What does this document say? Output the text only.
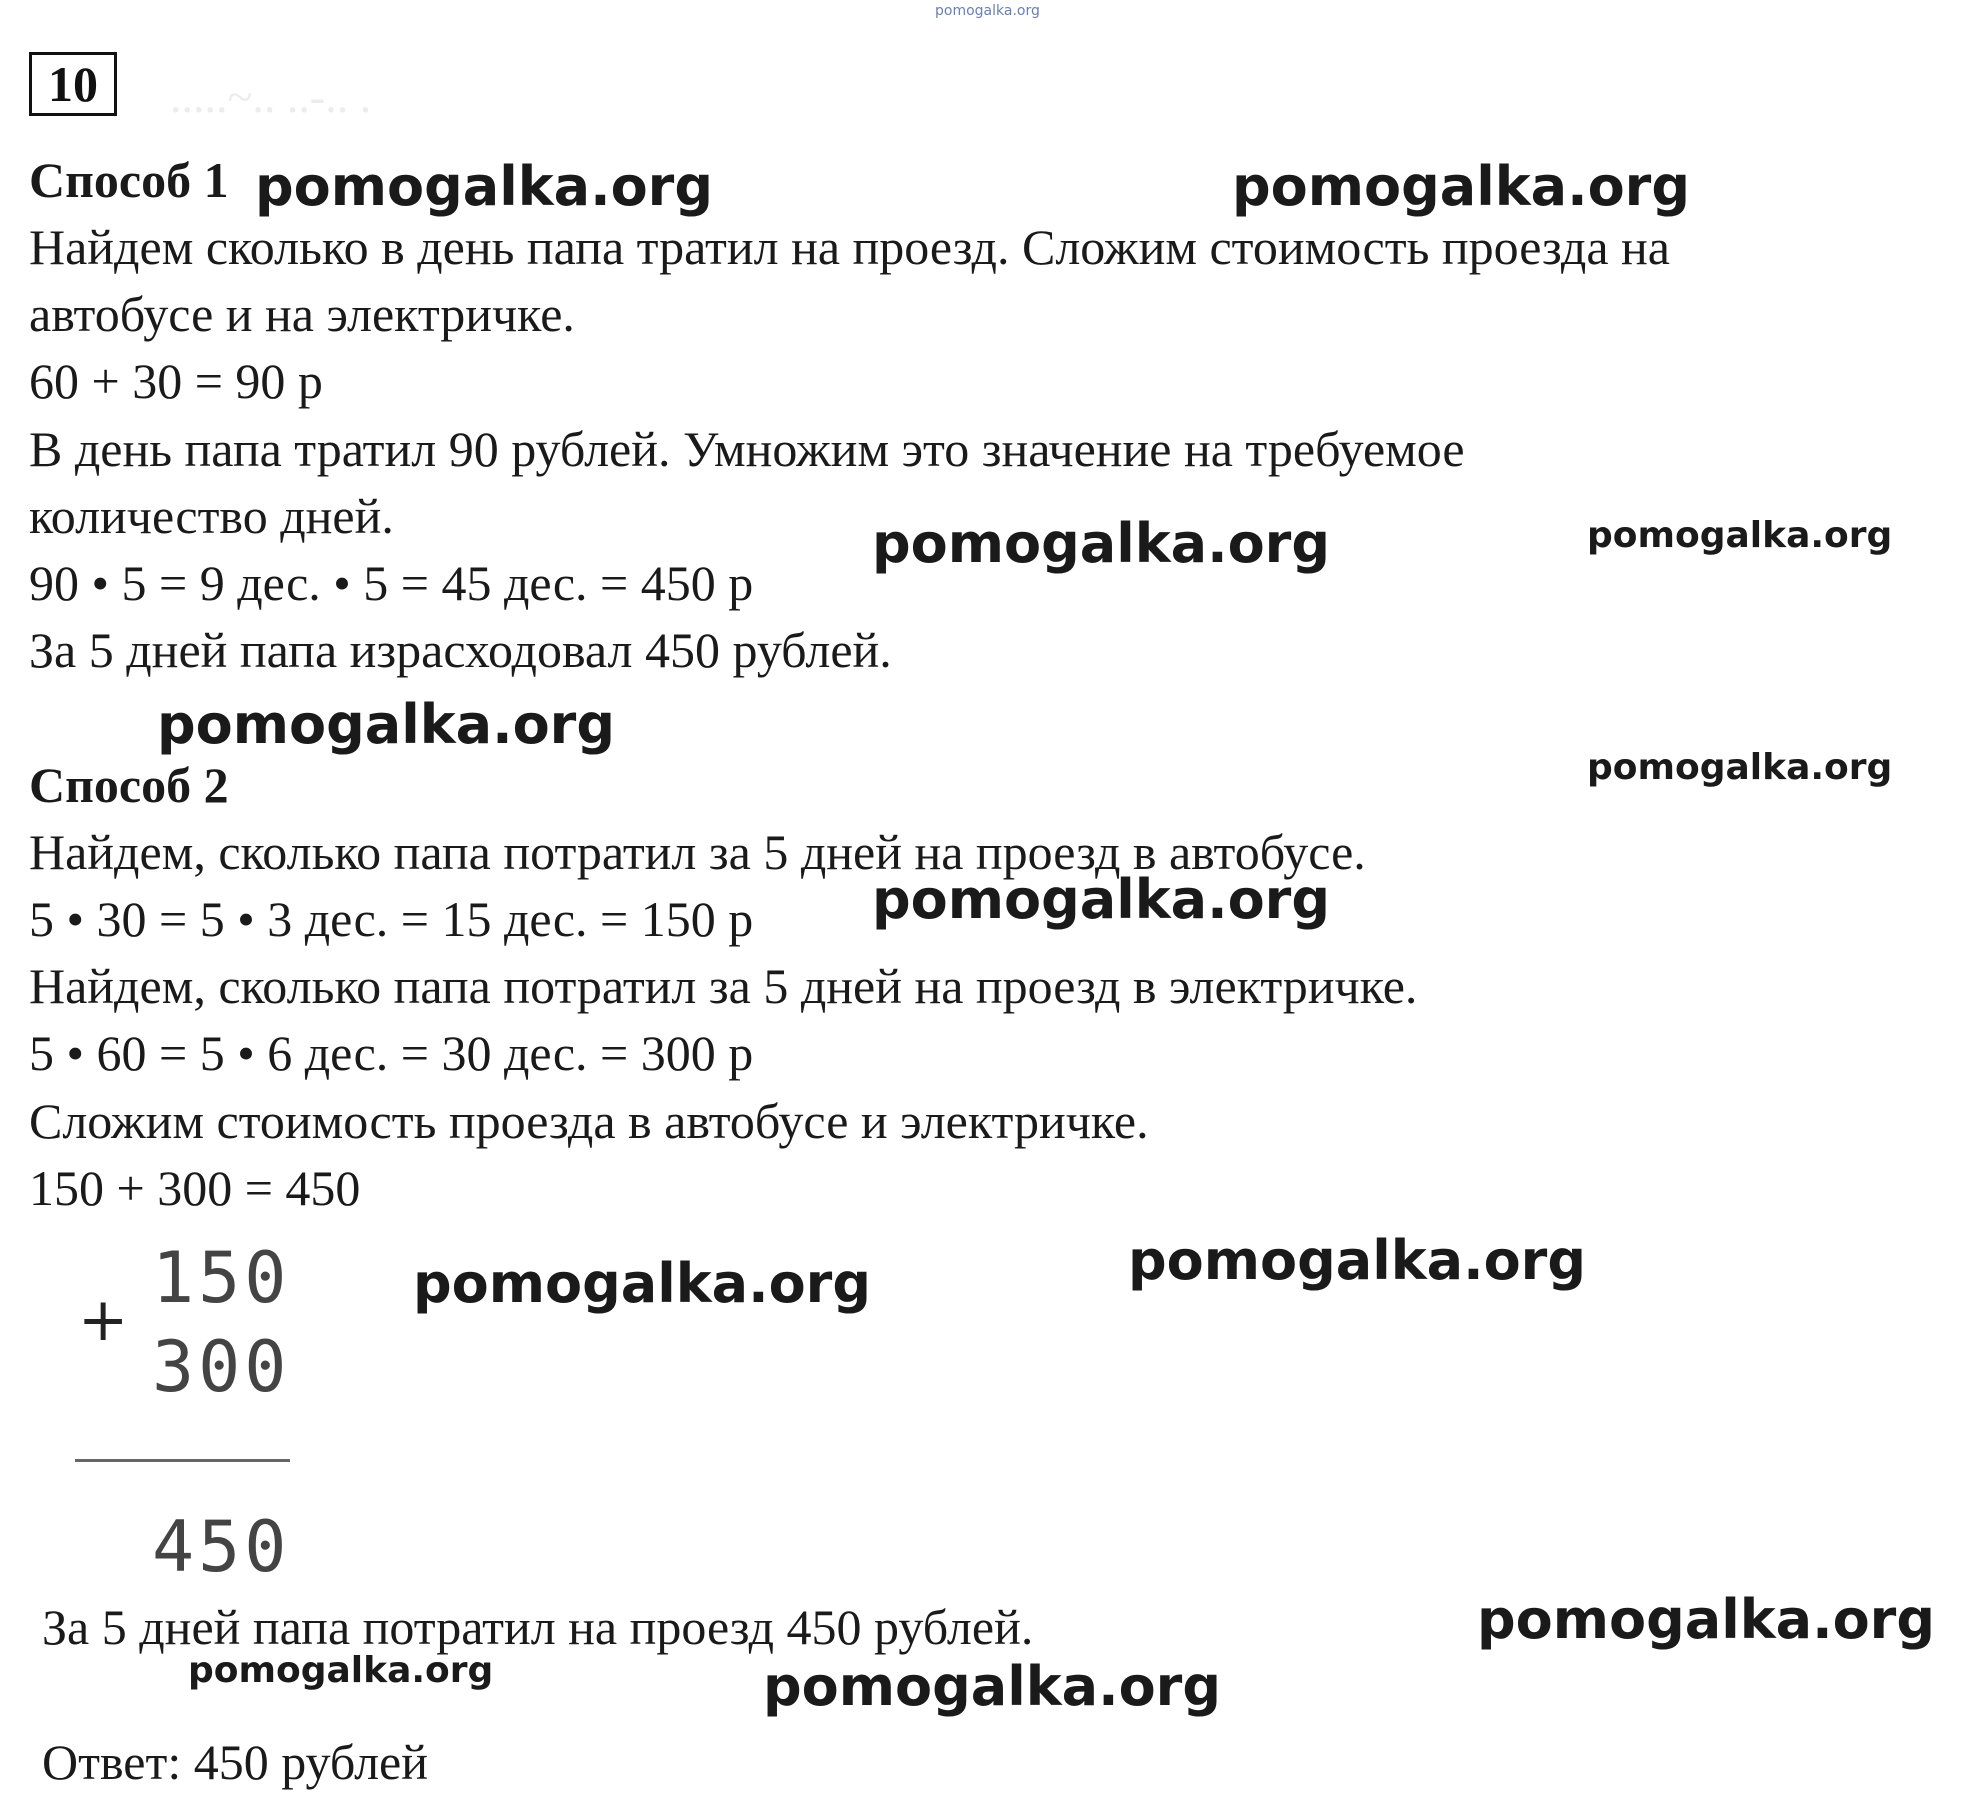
pomogalka.org
.....~.. ..-.. .
10
Способ 1
Найдем сколько в день папа тратил на проезд. Сложим стоимость проезда на
автобусе и на электричке.
60 + 30 = 90 р
В день папа тратил 90 рублей. Умножим это значение на требуемое
количество дней.
90 • 5 = 9 дес. • 5 = 45 дес. = 450 р
За 5 дней папа израсходовал 450 рублей.
Способ 2
Найдем, сколько папа потратил за 5 дней на проезд в автобусе.
5 • 30 = 5 • 3 дес. = 15 дес. = 150 р
Найдем, сколько папа потратил за 5 дней на проезд в электричке.
5 • 60 = 5 • 6 дес. = 30 дес. = 300 р
Сложим стоимость проезда в автобусе и электричке.
150 + 300 = 450
+
150
300
450
За 5 дней папа потратил на проезд 450 рублей.
Ответ: 450 рублей
pomogalka.org	pomogalka.org
pomogalka.org	pomogalka.org
pomogalka.org
pomogalka.org
pomogalka.org
pomogalka.org	pomogalka.org
pomogalka.org
pomogalka.org	pomogalka.org
